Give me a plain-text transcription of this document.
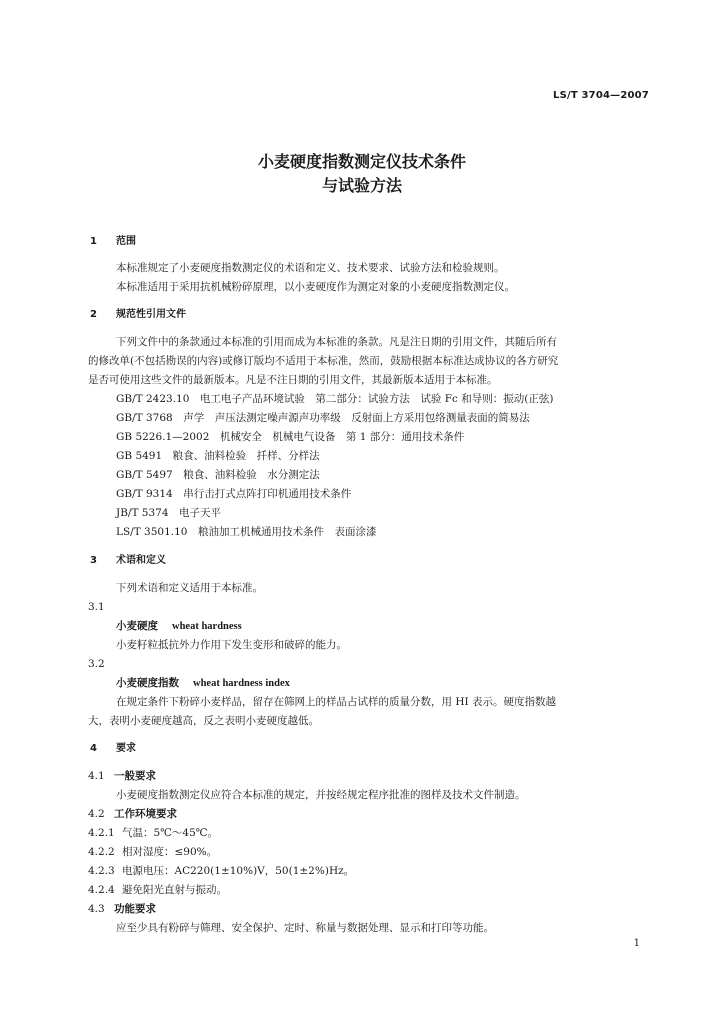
LS/T 3704—2007
小麦硬度指数测定仪技术条件
与试验方法
1 范围
本标准规定了小麦硬度指数测定仪的术语和定义、技术要求、试验方法和检验规则。
本标准适用于采用抗机械粉碎原理，以小麦硬度作为测定对象的小麦硬度指数测定仪。
2 规范性引用文件
下列文件中的条款通过本标准的引用而成为本标准的条款。凡是注日期的引用文件，其随后所有
的修改单(不包括勘误的内容)或修订版均不适用于本标准，然而，鼓励根据本标准达成协议的各方研究
是否可使用这些文件的最新版本。凡是不注日期的引用文件，其最新版本适用于本标准。
GB/T 2423.10　电工电子产品环境试验　第二部分：试验方法　试验 Fc 和导则：振动(正弦)
GB/T 3768　声学　声压法测定噪声源声功率级　反射面上方采用包络测量表面的简易法
GB 5226.1—2002　机械安全　机械电气设备　第 1 部分：通用技术条件
GB 5491　粮食、油料检验　扦样、分样法
GB/T 5497　粮食、油料检验　水分测定法
GB/T 9314　串行击打式点阵打印机通用技术条件
JB/T 5374　电子天平
LS/T 3501.10　粮油加工机械通用技术条件　表面涂漆
3 术语和定义
下列术语和定义适用于本标准。
3.1
小麦硬度 wheat hardness
小麦籽粒抵抗外力作用下发生变形和破碎的能力。
3.2
小麦硬度指数 wheat hardness index
在规定条件下粉碎小麦样品，留存在筛网上的样品占试样的质量分数，用 HI 表示。硬度指数越
大，表明小麦硬度越高，反之表明小麦硬度越低。
4 要求
4.1 一般要求
小麦硬度指数测定仪应符合本标准的规定，并按经规定程序批准的图样及技术文件制造。
4.2 工作环境要求
4.2.1 气温：5℃～45℃。
4.2.2 相对湿度：≤90%。
4.2.3 电源电压：AC220(1±10%)V，50(1±2%)Hz。
4.2.4 避免阳光直射与振动。
4.3 功能要求
应至少具有粉碎与筛理、安全保护、定时、称量与数据处理、显示和打印等功能。
1
